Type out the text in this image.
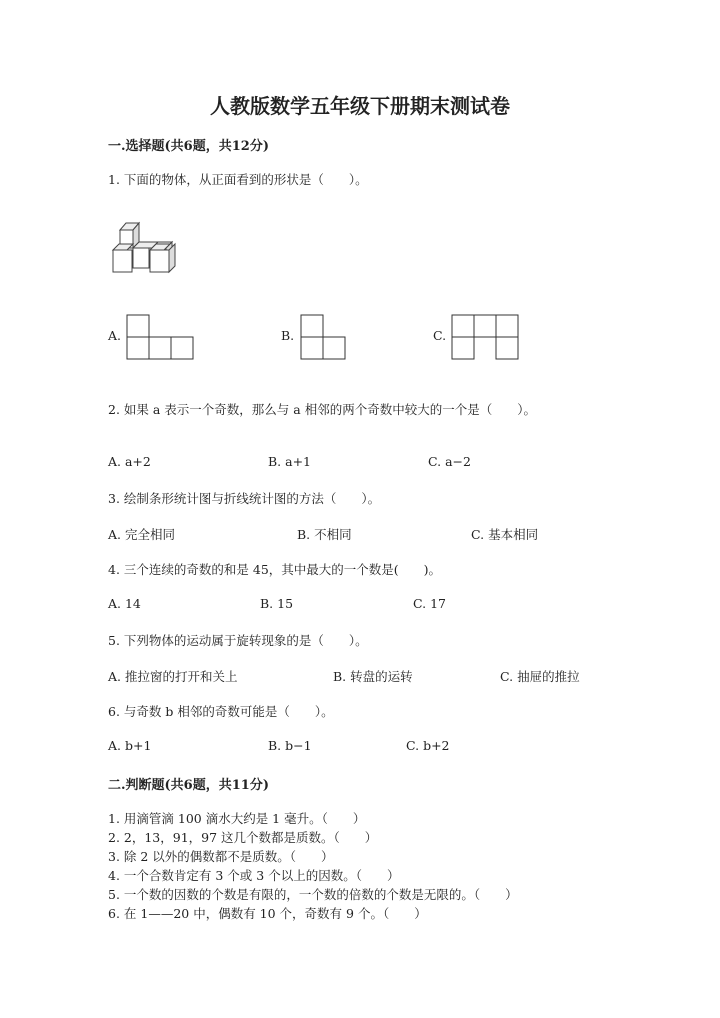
人教版数学五年级下册期末测试卷
一.选择题(共6题，共12分)
1. 下面的物体，从正面看到的形状是（　　）。
A.	B.	C.
2. 如果 a 表示一个奇数，那么与 a 相邻的两个奇数中较大的一个是（　　）。
A. a+2	B. a+1	C. a−2
3. 绘制条形统计图与折线统计图的方法（　　）。
A. 完全相同	B. 不相同	C. 基本相同
4. 三个连续的奇数的和是 45，其中最大的一个数是(　　)。
A. 14	B. 15	C. 17
5. 下列物体的运动属于旋转现象的是（　　）。
A. 推拉窗的打开和关上	B. 转盘的运转	C. 抽屉的推拉
6. 与奇数 b 相邻的奇数可能是（　　）。
A. b+1	B. b−1	C. b+2
二.判断题(共6题，共11分)
1. 用滴管滴 100 滴水大约是 1 毫升。（　　）
2. 2，13，91，97 这几个数都是质数。（　　）
3. 除 2 以外的偶数都不是质数。（　　）
4. 一个合数肯定有 3 个或 3 个以上的因数。（　　）
5. 一个数的因数的个数是有限的，一个数的倍数的个数是无限的。（　　）
6. 在 1——20 中，偶数有 10 个，奇数有 9 个。（　　）
